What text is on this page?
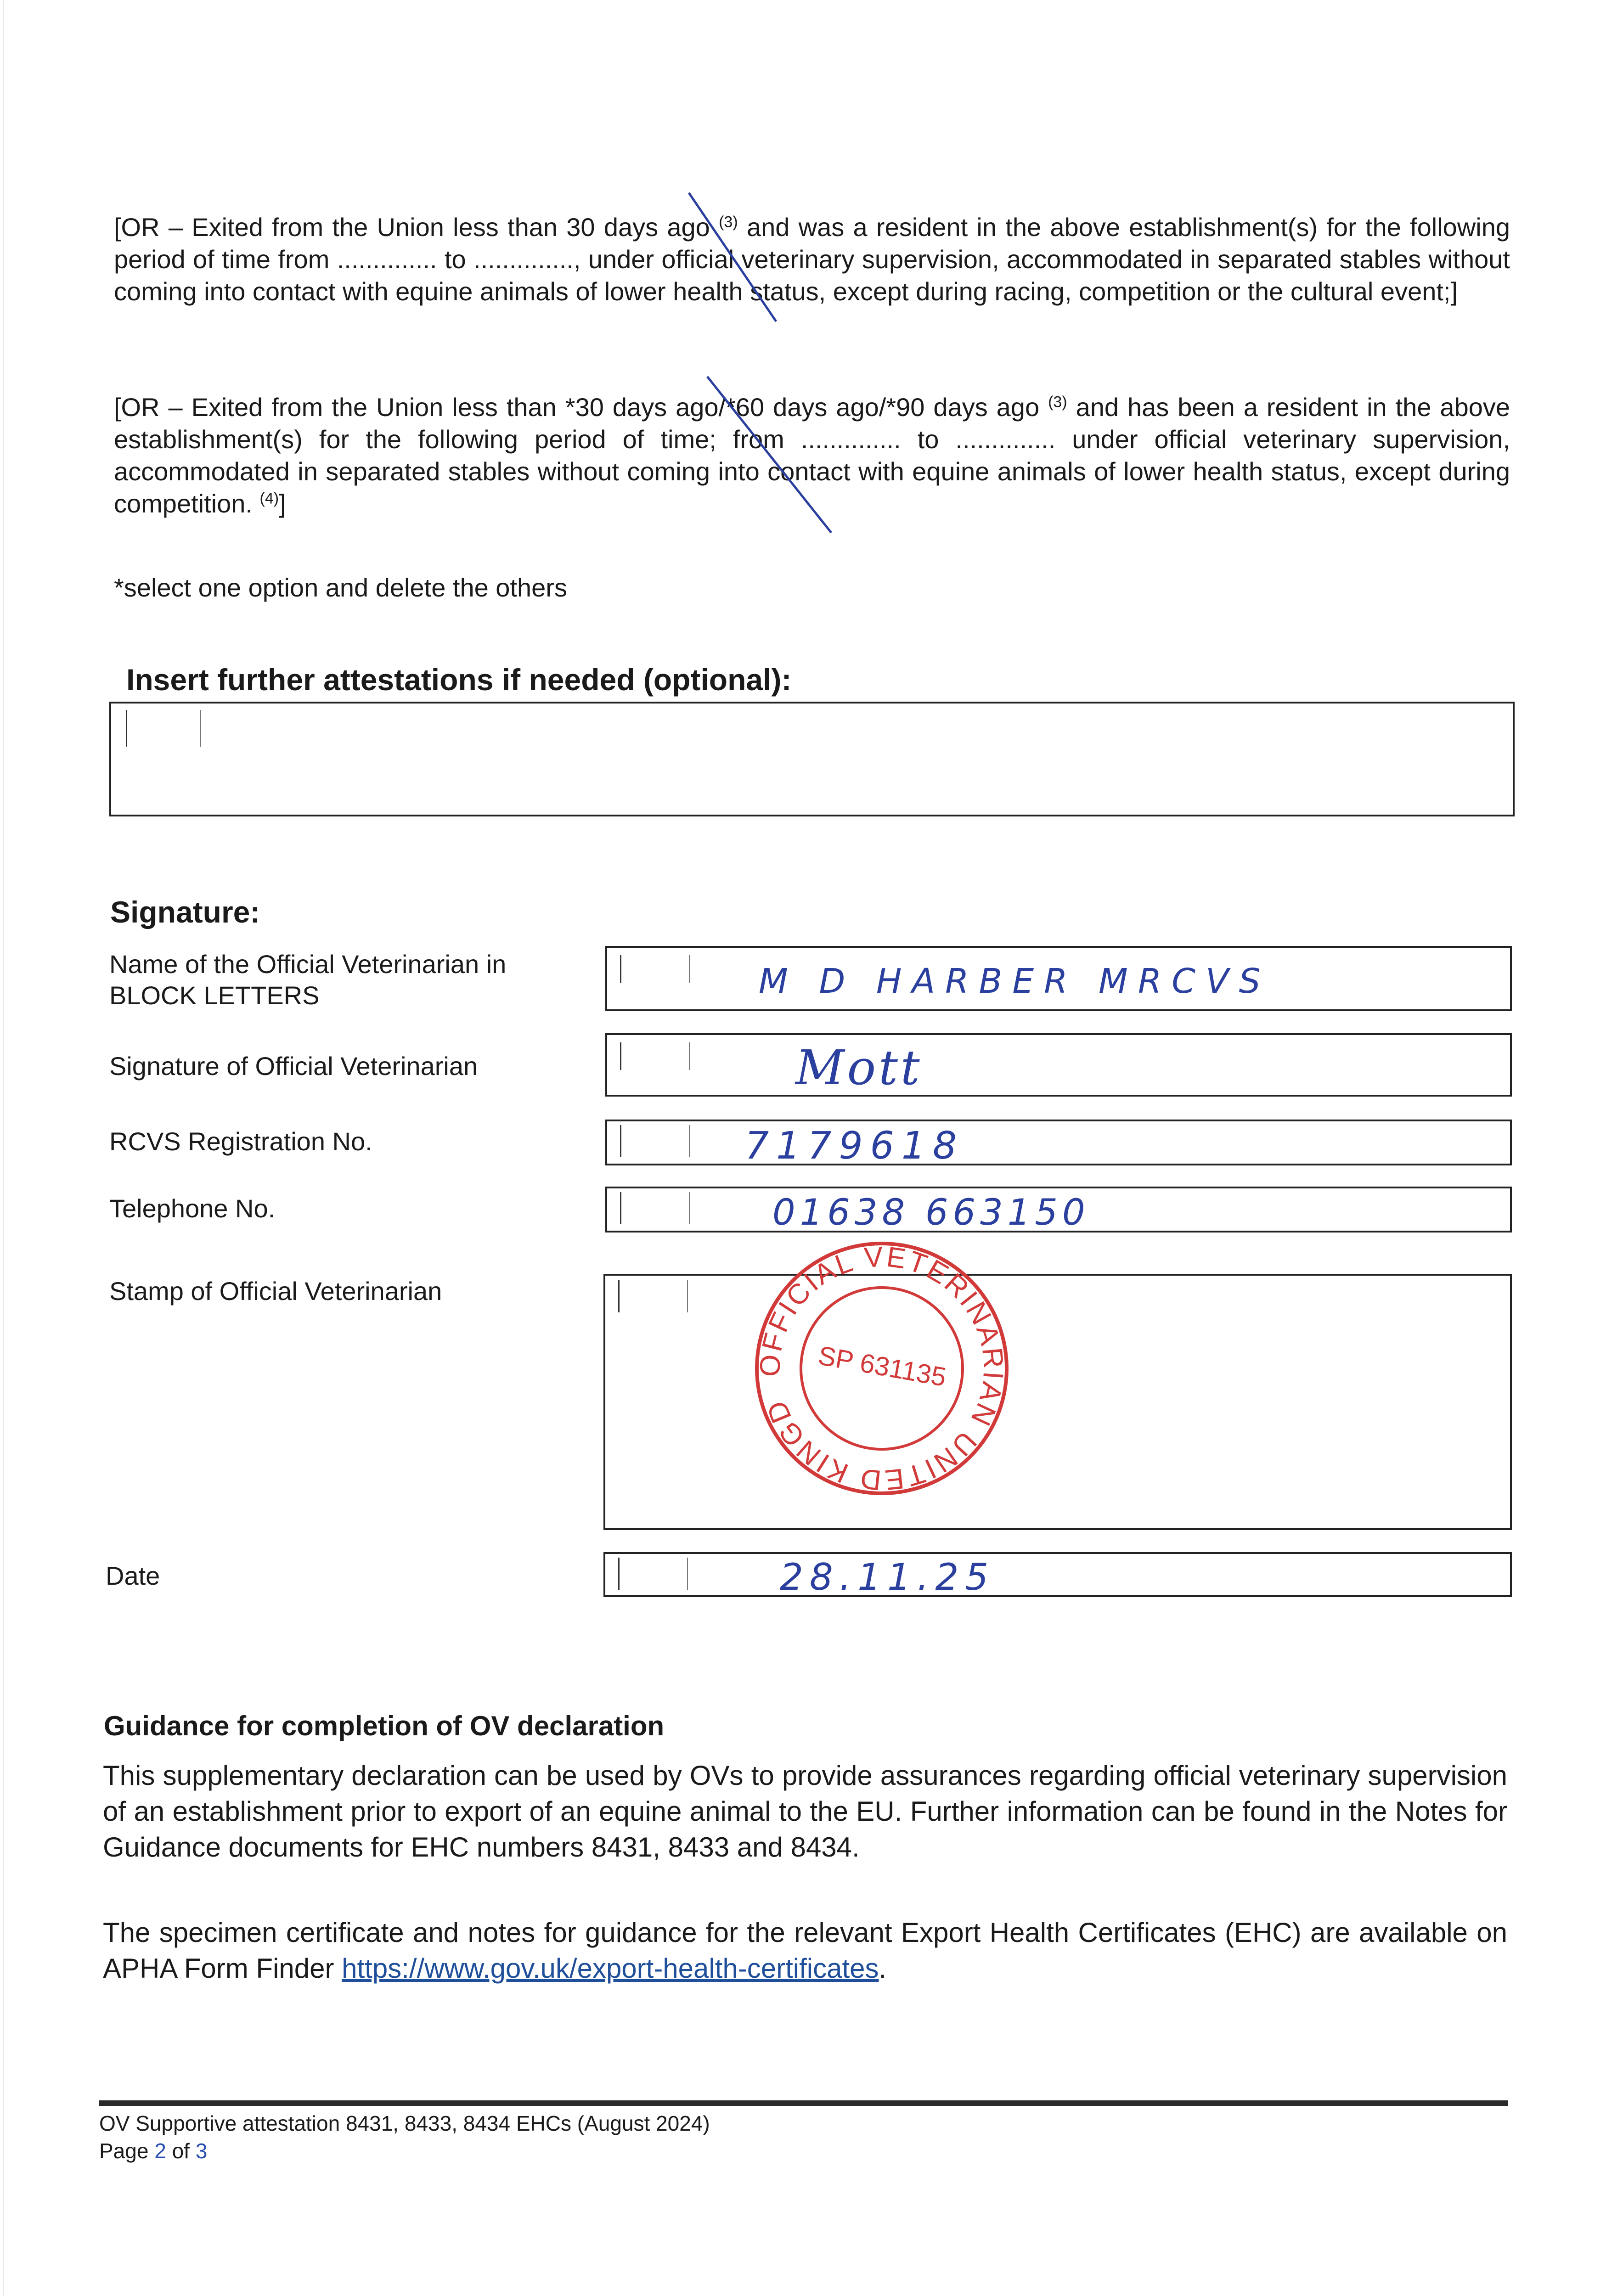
[OR – Exited from the Union less than 30 days ago $^{(3)}$ and was a resident in the above establishment(s) for the following period of time from .............. to .............., under official veterinary supervision, accommodated in separated stables without coming into contact with equine animals of lower health status, except during racing, competition or the cultural event;]
[OR – Exited from the Union less than *30 days ago/*60 days ago/*90 days ago $^{(3)}$ and has been a resident in the above establishment(s) for the following period of time; from .............. to .............. under official veterinary supervision, accommodated in separated stables without coming into contact with equine animals of lower health status, except during competition. $^{(4)}$]
*select one option and delete the others
Insert further attestations if needed (optional):
Signature:
Name of the Official Veterinarian in
BLOCK LETTERS	M D HARBER MRCVS
Signature of Official Veterinarian	Mott
RCVS Registration No.	7179618
Telephone No.	01638 663150
Stamp of Official Veterinarian
OFFICIAL VETERINARIAN UNITED KINGDOM
SP 631135
Date	28.11.25
Guidance for completion of OV declaration
This supplementary declaration can be used by OVs to provide assurances regarding official veterinary supervision of an establishment prior to export of an equine animal to the EU. Further information can be found in the Notes for Guidance documents for EHC numbers 8431, 8433 and 8434.
The specimen certificate and notes for guidance for the relevant Export Health Certificates (EHC) are available on APHA Form Finder https://www.gov.uk/export-health-certificates.
OV Supportive attestation 8431, 8433, 8434 EHCs (August 2024)
Page 2 of 3
